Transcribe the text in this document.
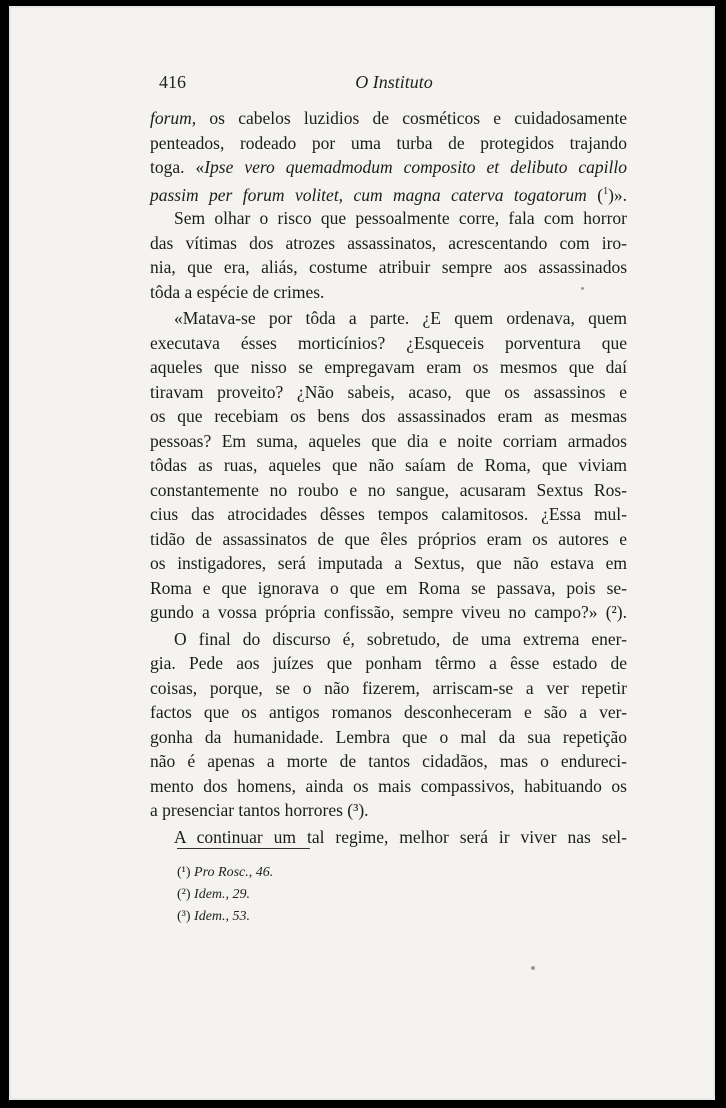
416	O Instituto
forum, os cabelos luzidios de cosméticos e cuidadosamente
penteados, rodeado por uma turba de protegidos trajando
toga. «Ipse vero quemadmodum composito et delibuto capillo
passim per forum volitet, cum magna caterva togatorum ($^1$)».
Sem olhar o risco que pessoalmente corre, fala com horror
das vítimas dos atrozes assassinatos, acrescentando com iro-
nia, que era, aliás, costume atribuir sempre aos assassinados
tôda a espécie de crimes.
«Matava-se por tôda a parte. ¿E quem ordenava, quem
executava ésses morticínios? ¿Esqueceis porventura que
aqueles que nisso se empregavam eram os mesmos que daí
tiravam proveito? ¿Não sabeis, acaso, que os assassinos e
os que recebiam os bens dos assassinados eram as mesmas
pessoas? Em suma, aqueles que dia e noite corriam armados
tôdas as ruas, aqueles que não saíam de Roma, que viviam
constantemente no roubo e no sangue, acusaram Sextus Ros-
cius das atrocidades dêsses tempos calamitosos. ¿Essa mul-
tidão de assassinatos de que êles próprios eram os autores e
os instigadores, será imputada a Sextus, que não estava em
Roma e que ignorava o que em Roma se passava, pois se-
gundo a vossa própria confissão, sempre viveu no campo?» (²).
O final do discurso é, sobretudo, de uma extrema ener-
gia. Pede aos juízes que ponham têrmo a êsse estado de
coisas, porque, se o não fizerem, arriscam-se a ver repetir
factos que os antigos romanos desconheceram e são a ver-
gonha da humanidade. Lembra que o mal da sua repetição
não é apenas a morte de tantos cidadãos, mas o endureci-
mento dos homens, ainda os mais compassivos, habituando os
a presenciar tantos horrores (³).
A continuar um tal regime, melhor será ir viver nas sel-
(¹) Pro Rosc., 46.
(²) Idem., 29.
(³) Idem., 53.
